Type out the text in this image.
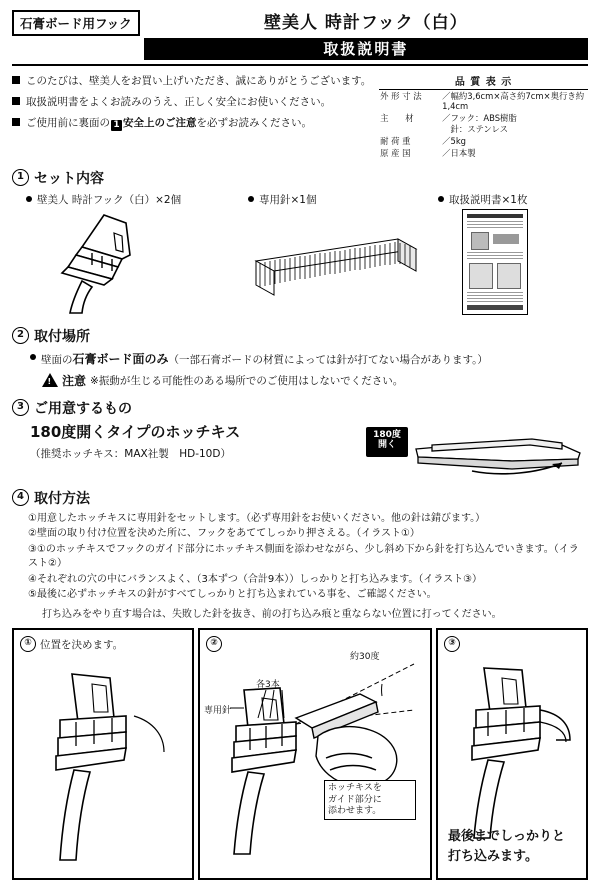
石膏ボード用フック	壁美人 時計フック（白）
取扱説明書
このたびは、壁美人をお買い上げいただき、誠にありがとうございます。
取扱説明書をよくお読みのうえ、正しく安全にお使いください。
ご使用前に裏面の 1 安全上のご注意を必ずお読みください。
品 質 表 示
外 形 寸 法	／幅約3,6cm×高さ約7cm×奥行き約1,4cm
主　　材	／フック：ABS樹脂
	　針：ステンレス
耐 荷 重	／5kg
原 産 国	／日本製
1 セット内容
壁美人 時計フック（白）×2個	専用針×1個	取扱説明書×1枚
2 取付場所
壁面の石膏ボード面のみ（一部石膏ボードの材質によっては針が打てない場合があります。）
!
注意 ※振動が生じる可能性のある場所でのご使用はしないでください。
3 ご用意するもの
180度開くタイプのホッチキス
（推奨ホッチキス：MAX社製　HD-10D）
180度
開く
4 取付方法
①用意したホッチキスに専用針をセットします。（必ず専用針をお使いください。他の針は錆びます。）
②壁面の取り付け位置を決めた所に、フックをあててしっかり押さえる。（イラスト①）
③①のホッチキスでフックのガイド部分にホッチキス側面を添わせながら、少し斜め下から針を打ち込んでいきます。（イラスト②）
④それぞれの穴の中にバランスよく、（3本ずつ（合計9本））しっかりと打ち込みます。（イラスト③）
⑤最後に必ずホッチキスの針がすべてしっかりと打ち込まれている事を、ご確認ください。
打ち込みをやり直す場合は、失敗した針を抜き、前の打ち込み痕と重ならない位置に打ってください。
① 位置を決めます。	②
約30度
各3本
専用針
ホッチキスを
ガイド部分に
添わせます。
③
最後までしっかりと
打ち込みます。
